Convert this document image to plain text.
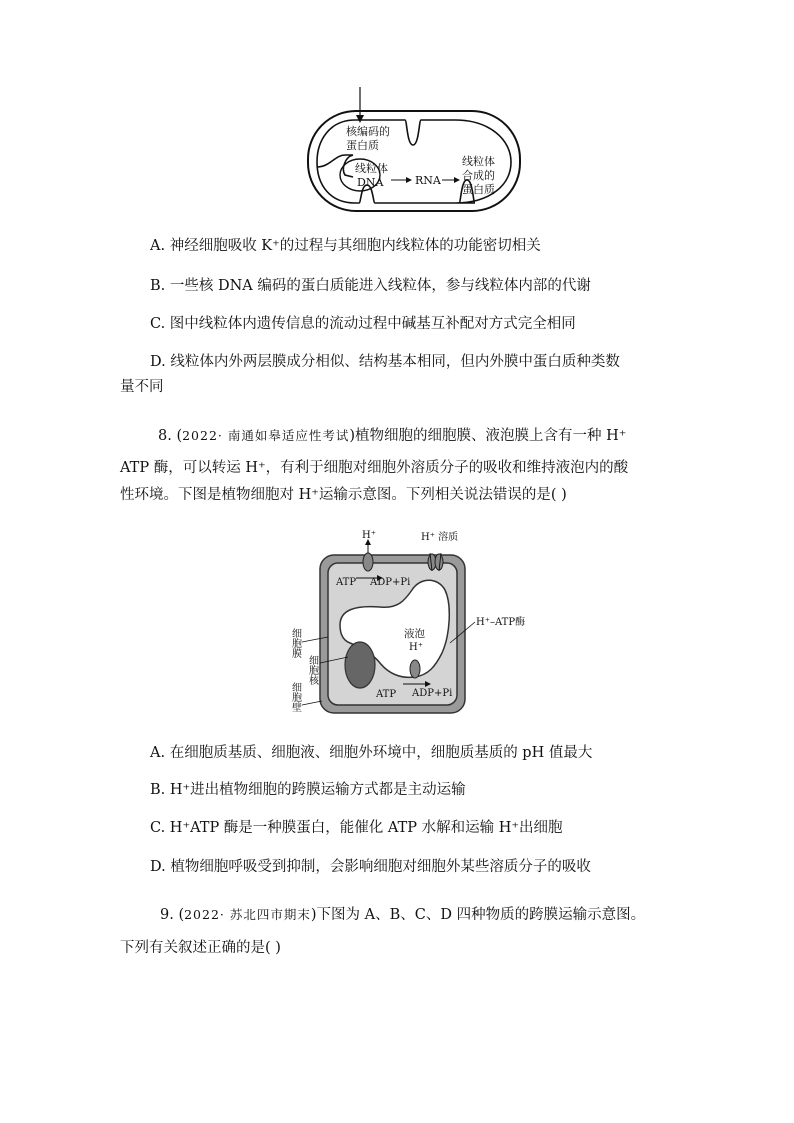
核编码的
蛋白质
线粒体
DNA	RNA
线粒体
合成的
蛋白质
A. 神经细胞吸收 K⁺的过程与其细胞内线粒体的功能密切相关
B. 一些核 DNA 编码的蛋白质能进入线粒体，参与线粒体内部的代谢
C. 图中线粒体内遗传信息的流动过程中碱基互补配对方式完全相同
D. 线粒体内外两层膜成分相似、结构基本相同，但内外膜中蛋白质种类数
量不同
8. (2022· 南通如皋适应性考试)植物细胞的细胞膜、液泡膜上含有一种 H⁺
ATP 酶，可以转运 H⁺，有利于细胞对细胞外溶质分子的吸收和维持液泡内的酸
性环境。下图是植物细胞对 H⁺运输示意图。下列相关说法错误的是( )
H⁺
ATP ADP+Pi
H⁺ 溶质
H⁺–ATP酶
液泡
H⁺
ATP ADP+Pi
细胞膜
细胞核
细胞壁
A. 在细胞质基质、细胞液、细胞外环境中，细胞质基质的 pH 值最大
B. H⁺进出植物细胞的跨膜运输方式都是主动运输
C. H⁺ATP 酶是一种膜蛋白，能催化 ATP 水解和运输 H⁺出细胞
D. 植物细胞呼吸受到抑制，会影响细胞对细胞外某些溶质分子的吸收
9. (2022· 苏北四市期末)下图为 A、B、C、D 四种物质的跨膜运输示意图。
下列有关叙述正确的是( )
